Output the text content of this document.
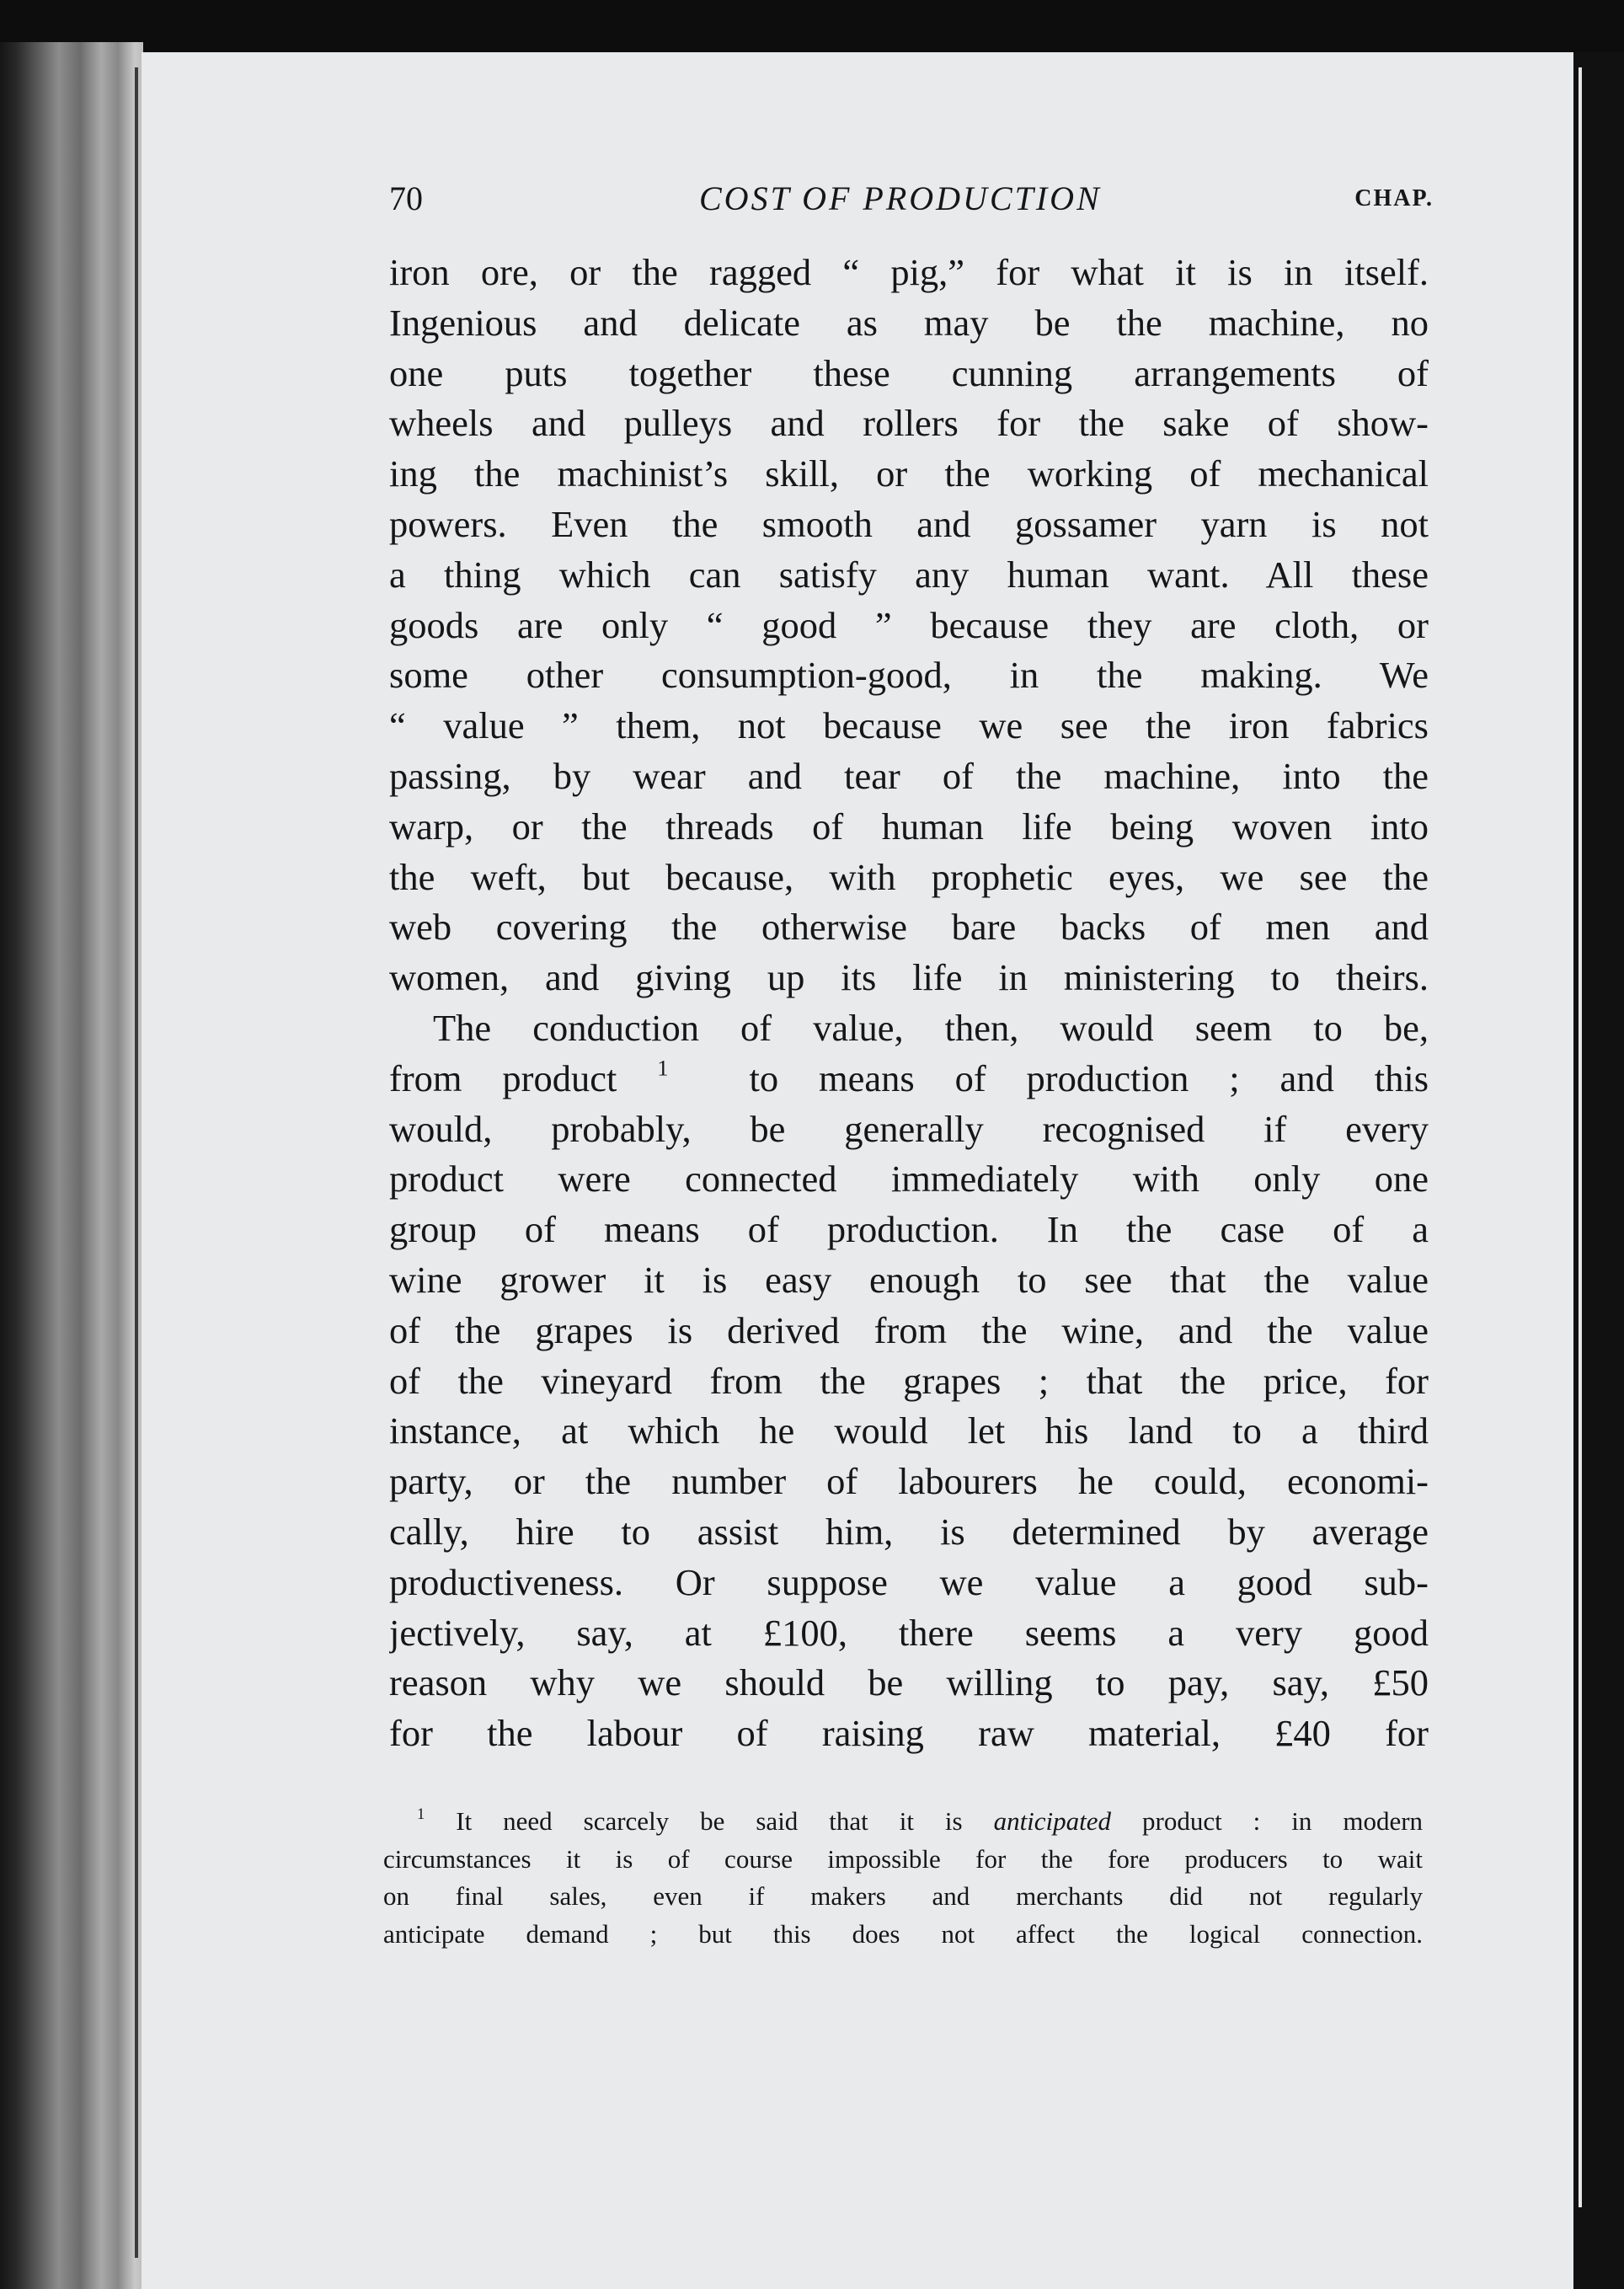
70	COST OF PRODUCTION	CHAP.
iron ore, or the ragged “ pig,” for what it is in itself.
Ingenious and delicate as may be the machine, no
one puts together these cunning arrangements of
wheels and pulleys and rollers for the sake of show-
ing the machinist’s skill, or the working of mechanical
powers. Even the smooth and gossamer yarn is not
a thing which can satisfy any human want. All these
goods are only “ good ” because they are cloth, or
some other consumption-good, in the making. We
“ value ” them, not because we see the iron fabrics
passing, by wear and tear of the machine, into the
warp, or the threads of human life being woven into
the weft, but because, with prophetic eyes, we see the
web covering the otherwise bare backs of men and
women, and giving up its life in ministering to theirs.
The conduction of value, then, would seem to be,
from product $^1$ to means of production ; and this
would, probably, be generally recognised if every
product were connected immediately with only one
group of means of production. In the case of a
wine grower it is easy enough to see that the value
of the grapes is derived from the wine, and the value
of the vineyard from the grapes ; that the price, for
instance, at which he would let his land to a third
party, or the number of labourers he could, economi-
cally, hire to assist him, is determined by average
productiveness. Or suppose we value a good sub-
jectively, say, at £100, there seems a very good
reason why we should be willing to pay, say, £50
for the labour of raising raw material, £40 for
$^1$ It need scarcely be said that it is anticipated product : in modern
circumstances it is of course impossible for the fore producers to wait
on final sales, even if makers and merchants did not regularly
anticipate demand ; but this does not affect the logical connection.
